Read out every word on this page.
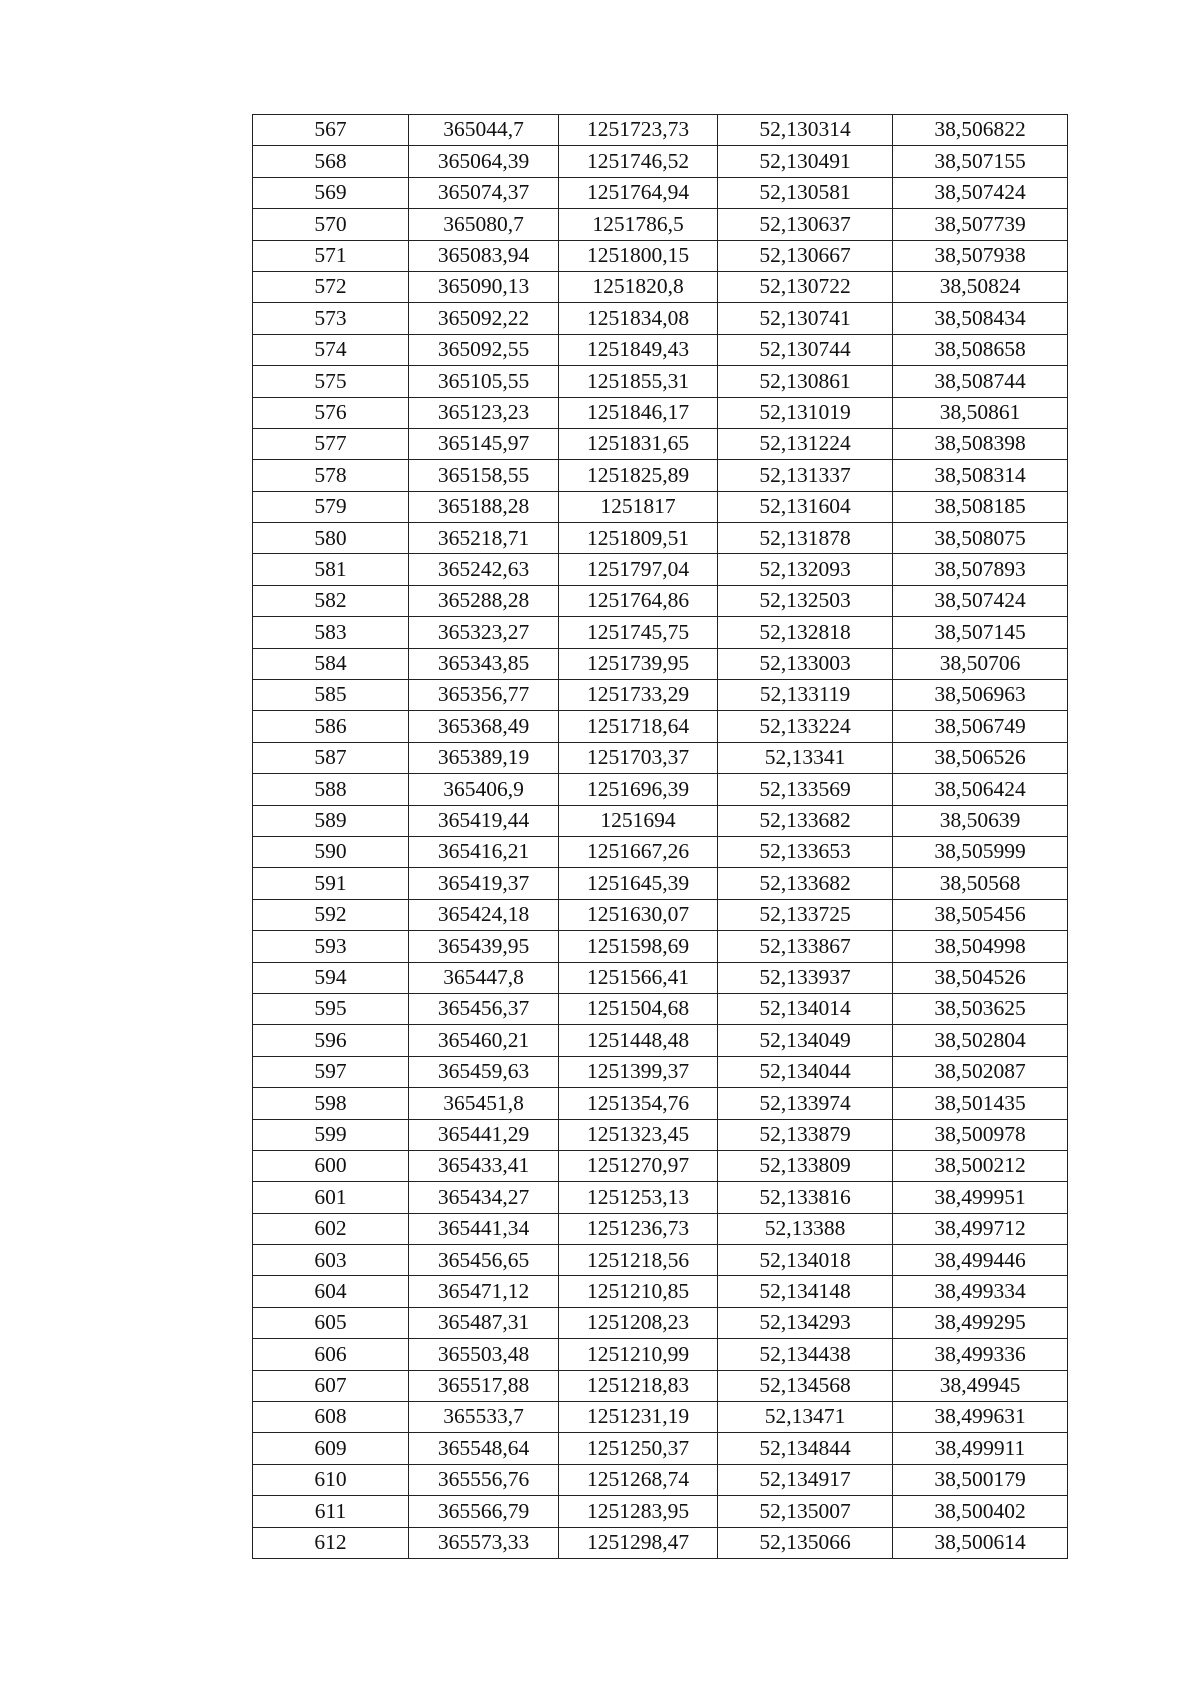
567	365044,7	1251723,73	52,130314	38,506822
568	365064,39	1251746,52	52,130491	38,507155
569	365074,37	1251764,94	52,130581	38,507424
570	365080,7	1251786,5	52,130637	38,507739
571	365083,94	1251800,15	52,130667	38,507938
572	365090,13	1251820,8	52,130722	38,50824
573	365092,22	1251834,08	52,130741	38,508434
574	365092,55	1251849,43	52,130744	38,508658
575	365105,55	1251855,31	52,130861	38,508744
576	365123,23	1251846,17	52,131019	38,50861
577	365145,97	1251831,65	52,131224	38,508398
578	365158,55	1251825,89	52,131337	38,508314
579	365188,28	1251817	52,131604	38,508185
580	365218,71	1251809,51	52,131878	38,508075
581	365242,63	1251797,04	52,132093	38,507893
582	365288,28	1251764,86	52,132503	38,507424
583	365323,27	1251745,75	52,132818	38,507145
584	365343,85	1251739,95	52,133003	38,50706
585	365356,77	1251733,29	52,133119	38,506963
586	365368,49	1251718,64	52,133224	38,506749
587	365389,19	1251703,37	52,13341	38,506526
588	365406,9	1251696,39	52,133569	38,506424
589	365419,44	1251694	52,133682	38,50639
590	365416,21	1251667,26	52,133653	38,505999
591	365419,37	1251645,39	52,133682	38,50568
592	365424,18	1251630,07	52,133725	38,505456
593	365439,95	1251598,69	52,133867	38,504998
594	365447,8	1251566,41	52,133937	38,504526
595	365456,37	1251504,68	52,134014	38,503625
596	365460,21	1251448,48	52,134049	38,502804
597	365459,63	1251399,37	52,134044	38,502087
598	365451,8	1251354,76	52,133974	38,501435
599	365441,29	1251323,45	52,133879	38,500978
600	365433,41	1251270,97	52,133809	38,500212
601	365434,27	1251253,13	52,133816	38,499951
602	365441,34	1251236,73	52,13388	38,499712
603	365456,65	1251218,56	52,134018	38,499446
604	365471,12	1251210,85	52,134148	38,499334
605	365487,31	1251208,23	52,134293	38,499295
606	365503,48	1251210,99	52,134438	38,499336
607	365517,88	1251218,83	52,134568	38,49945
608	365533,7	1251231,19	52,13471	38,499631
609	365548,64	1251250,37	52,134844	38,499911
610	365556,76	1251268,74	52,134917	38,500179
611	365566,79	1251283,95	52,135007	38,500402
612	365573,33	1251298,47	52,135066	38,500614
